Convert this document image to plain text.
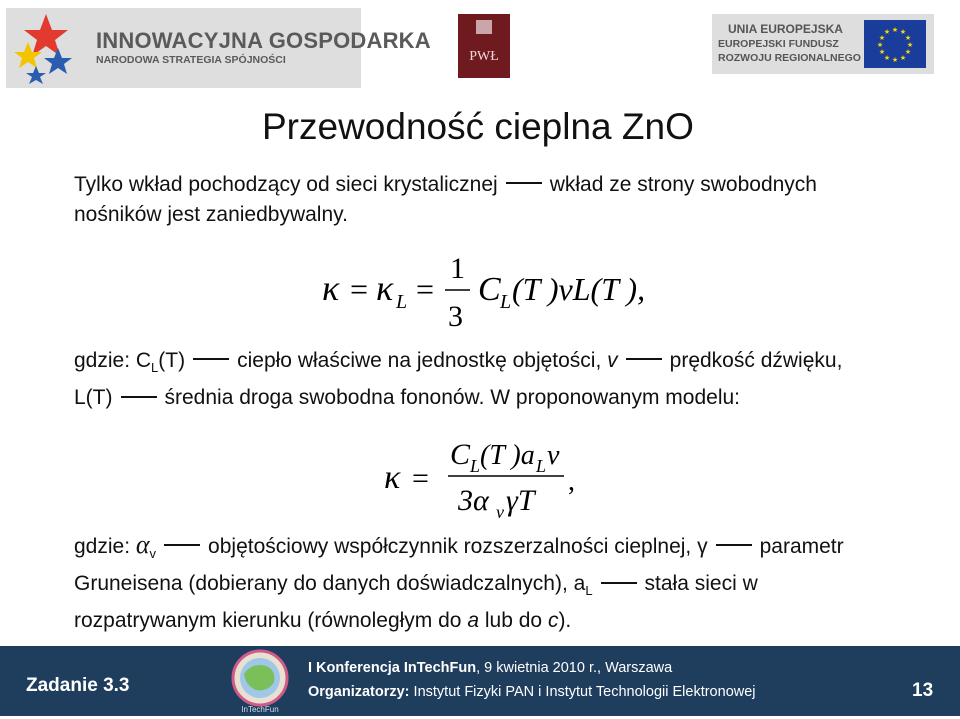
INNOWACYJNA GOSPODARKA
NARODOWA STRATEGIA SPÓJNOŚCI	PWŁ
UNIA EUROPEJSKA
EUROPEJSKI FUNDUSZ
ROZWOJU REGIONALNEGO
★ ★
★
★
★
★
★
★
★
★
★
★
Przewodność cieplna ZnO
Tylko wkład pochodzący od sieci krystalicznej wkład ze strony swobodnych
nośników jest zaniedbywalny.
κ = κ L =
1
3
C L (T )vL(T ),
gdzie: $C_L(T)$ ciepło właściwe na jednostkę objętości, v prędkość dźwięku,
L(T) średnia droga swobodna fononów. W proponowanym modelu:
κ =
C L (T )a L v
3α v γT
,
gdzie: $\alpha_v$ objętościowy współczynnik rozszerzalności cieplnej, γ parametr
Gruneisena (dobierany do danych doświadczalnych), $a_L$ stała sieci w
rozpatrywanym kierunku (równoległym do a lub do c).
Zadanie 3.3
InTechFun
I Konferencja InTechFun, 9 kwietnia 2010 r., Warszawa
Organizatorzy: Instytut Fizyki PAN i Instytut Technologii Elektronowej	13
